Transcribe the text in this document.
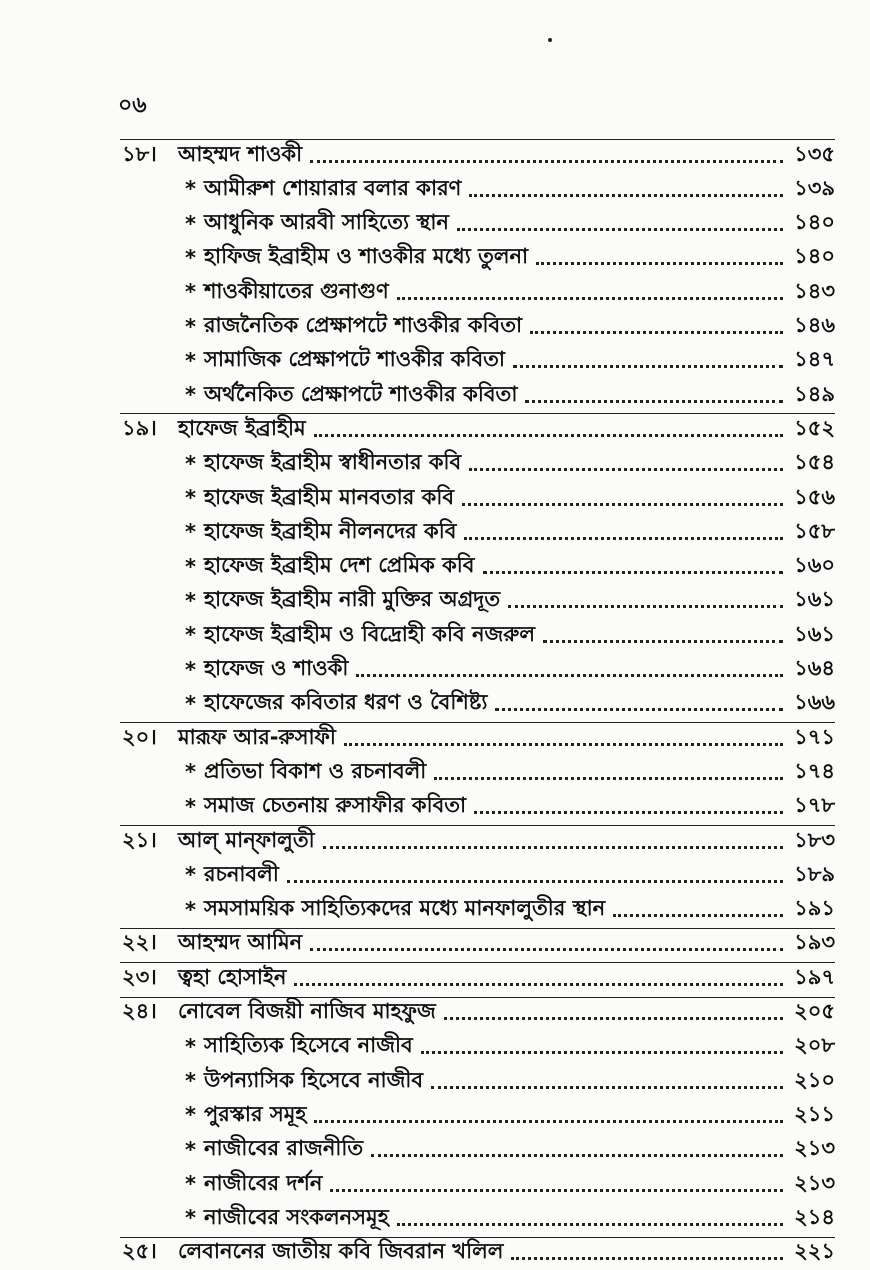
০৬
১৮।	আহম্মদ শাওকী	১৩৫
* আমীরুশ শোয়ারার বলার কারণ	১৩৯
* আধুনিক আরবী সাহিত্যে স্থান	১৪০
* হাফিজ ইব্রাহীম ও শাওকীর মধ্যে তুলনা	১৪০
* শাওকীয়াতের গুনাগুণ	১৪৩
* রাজনৈতিক প্রেক্ষাপটে শাওকীর কবিতা	১৪৬
* সামাজিক প্রেক্ষাপটে শাওকীর কবিতা	১৪৭
* অর্থনৈকিত প্রেক্ষাপটে শাওকীর কবিতা	১৪৯
১৯।	হাফেজ ইব্রাহীম	১৫২
* হাফেজ ইব্রাহীম স্বাধীনতার কবি	১৫৪
* হাফেজ ইব্রাহীম মানবতার কবি	১৫৬
* হাফেজ ইব্রাহীম নীলনদের কবি	১৫৮
* হাফেজ ইব্রাহীম দেশ প্রেমিক কবি	১৬০
* হাফেজ ইব্রাহীম নারী মুক্তির অগ্রদূত	১৬১
* হাফেজ ইব্রাহীম ও বিদ্রোহী কবি নজরুল	১৬১
* হাফেজ ও শাওকী	১৬৪
* হাফেজের কবিতার ধরণ ও বৈশিষ্ট্য	১৬৬
২০।	মারূফ আর-রুসাফী	১৭১
* প্রতিভা বিকাশ ও রচনাবলী	১৭৪
* সমাজ চেতনায় রুসাফীর কবিতা	১৭৮
২১।	আল্ মান্ফালুতী	১৮৩
* রচনাবলী	১৮৯
* সমসাময়িক সাহিত্যিকদের মধ্যে মানফালুতীর স্থান	১৯১
২২।	আহম্মদ আমিন	১৯৩
২৩।	ত্বহা হোসাইন	১৯৭
২৪।	নোবেল বিজয়ী নাজিব মাহফুজ	২০৫
* সাহিত্যিক হিসেবে নাজীব	২০৮
* উপন্যাসিক হিসেবে নাজীব	২১০
* পুরস্কার সমূহ	২১১
* নাজীবের রাজনীতি	২১৩
* নাজীবের দর্শন	২১৩
* নাজীবের সংকলনসমূহ	২১৪
২৫।	লেবাননের জাতীয় কবি জিবরান খলিল	২২১
